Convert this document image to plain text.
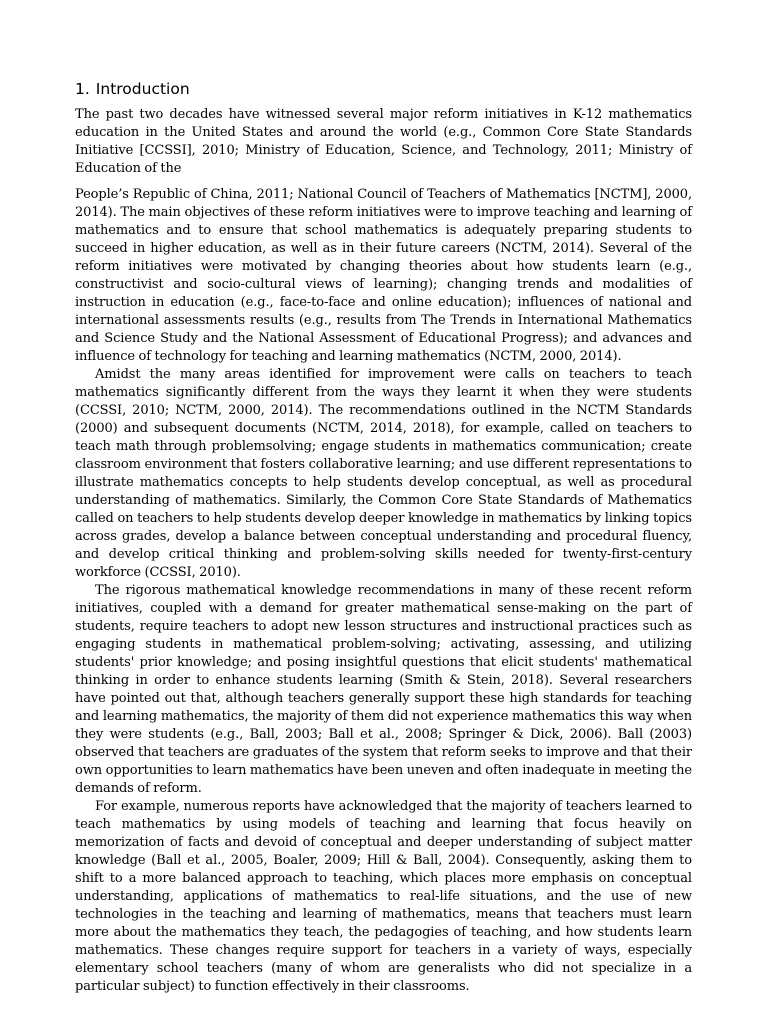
1. Introduction

The past two decades have witnessed several major reform initiatives in K-12 mathematics education in the United States and around the world (e.g., Common Core State Standards Initiative [CCSSI], 2010; Ministry of Education, Science, and Technology, 2011; Ministry of Education of the

People’s Republic of China, 2011; National Council of Teachers of Mathematics [NCTM], 2000, 2014). The main objectives of these reform initiatives were to improve teaching and learning of mathematics and to ensure that school mathematics is adequately preparing students to succeed in higher education, as well as in their future careers (NCTM, 2014). Several of the reform initiatives were motivated by changing theories about how students learn (e.g., constructivist and socio-cultural views of learning); changing trends and modalities of instruction in education (e.g., face-to-face and online education); influences of national and international assessments results (e.g., results from The Trends in International Mathematics and Science Study and the National Assessment of Educational Progress); and advances and influence of technology for teaching and learning mathematics (NCTM, 2000, 2014).

Amidst the many areas identified for improvement were calls on teachers to teach mathematics significantly different from the ways they learnt it when they were students (CCSSI, 2010; NCTM, 2000, 2014). The recommendations outlined in the NCTM Standards (2000) and subsequent documents (NCTM, 2014, 2018), for example, called on teachers to teach math through problemsolving; engage students in mathematics communication; create classroom environment that fosters collaborative learning; and use different representations to illustrate mathematics concepts to help students develop conceptual, as well as procedural understanding of mathematics. Similarly, the Common Core State Standards of Mathematics called on teachers to help students develop deeper knowledge in mathematics by linking topics across grades, develop a balance between conceptual understanding and procedural fluency, and develop critical thinking and problem-solving skills needed for twenty-first-century workforce (CCSSI, 2010).

The rigorous mathematical knowledge recommendations in many of these recent reform initiatives, coupled with a demand for greater mathematical sense-making on the part of students, require teachers to adopt new lesson structures and instructional practices such as engaging students in mathematical problem-solving; activating, assessing, and utilizing students' prior knowledge; and posing insightful questions that elicit students' mathematical thinking in order to enhance students learning (Smith & Stein, 2018). Several researchers have pointed out that, although teachers generally support these high standards for teaching and learning mathematics, the majority of them did not experience mathematics this way when they were students (e.g., Ball, 2003; Ball et al., 2008; Springer & Dick, 2006). Ball (2003) observed that teachers are graduates of the system that reform seeks to improve and that their own opportunities to learn mathematics have been uneven and often inadequate in meeting the demands of reform.

For example, numerous reports have acknowledged that the majority of teachers learned to teach mathematics by using models of teaching and learning that focus heavily on memorization of facts and devoid of conceptual and deeper understanding of subject matter knowledge (Ball et al., 2005, Boaler, 2009; Hill & Ball, 2004). Consequently, asking them to shift to a more balanced approach to teaching, which places more emphasis on conceptual understanding, applications of mathematics to real-life situations, and the use of new technologies in the teaching and learning of mathematics, means that teachers must learn more about the mathematics they teach, the pedagogies of teaching, and how students learn mathematics. These changes require support for teachers in a variety of ways, especially elementary school teachers (many of whom are generalists who did not specialize in a particular subject) to function effectively in their classrooms.
